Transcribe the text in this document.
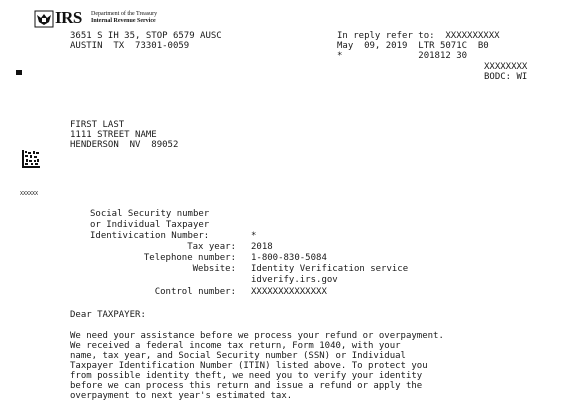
IRS Department of the Treasury
Internal Revenue Service
3651 S IH 35, STOP 6579 AUSC
AUSTIN  TX  73301-0059
In reply refer to:  XXXXXXXXXX
May  09, 2019  LTR 5071C  B0
*              201812 30
XXXXXXXX
BODC: WI
FIRST LAST
1111 STREET NAME
HENDERSON  NV  89052
XXXXXX
Social Security number
or Individual Taxpayer
Identivication Number:	*
Tax year: 2018
Telephone number: 1-800-830-5084
Website: Identity Verification service
idverify.irs.gov
Control number: XXXXXXXXXXXXXX
Dear TAXPAYER:
We need your assistance before we process your refund or overpayment.
We received a federal income tax return, Form 1040, with your
name, tax year, and Social Security number (SSN) or Individual
Taxpayer Identification Number (ITIN) listed above. To protect you
from possible identity theft, we need you to verify your identity
before we can process this return and issue a refund or apply the
overpayment to next year's estimated tax.
